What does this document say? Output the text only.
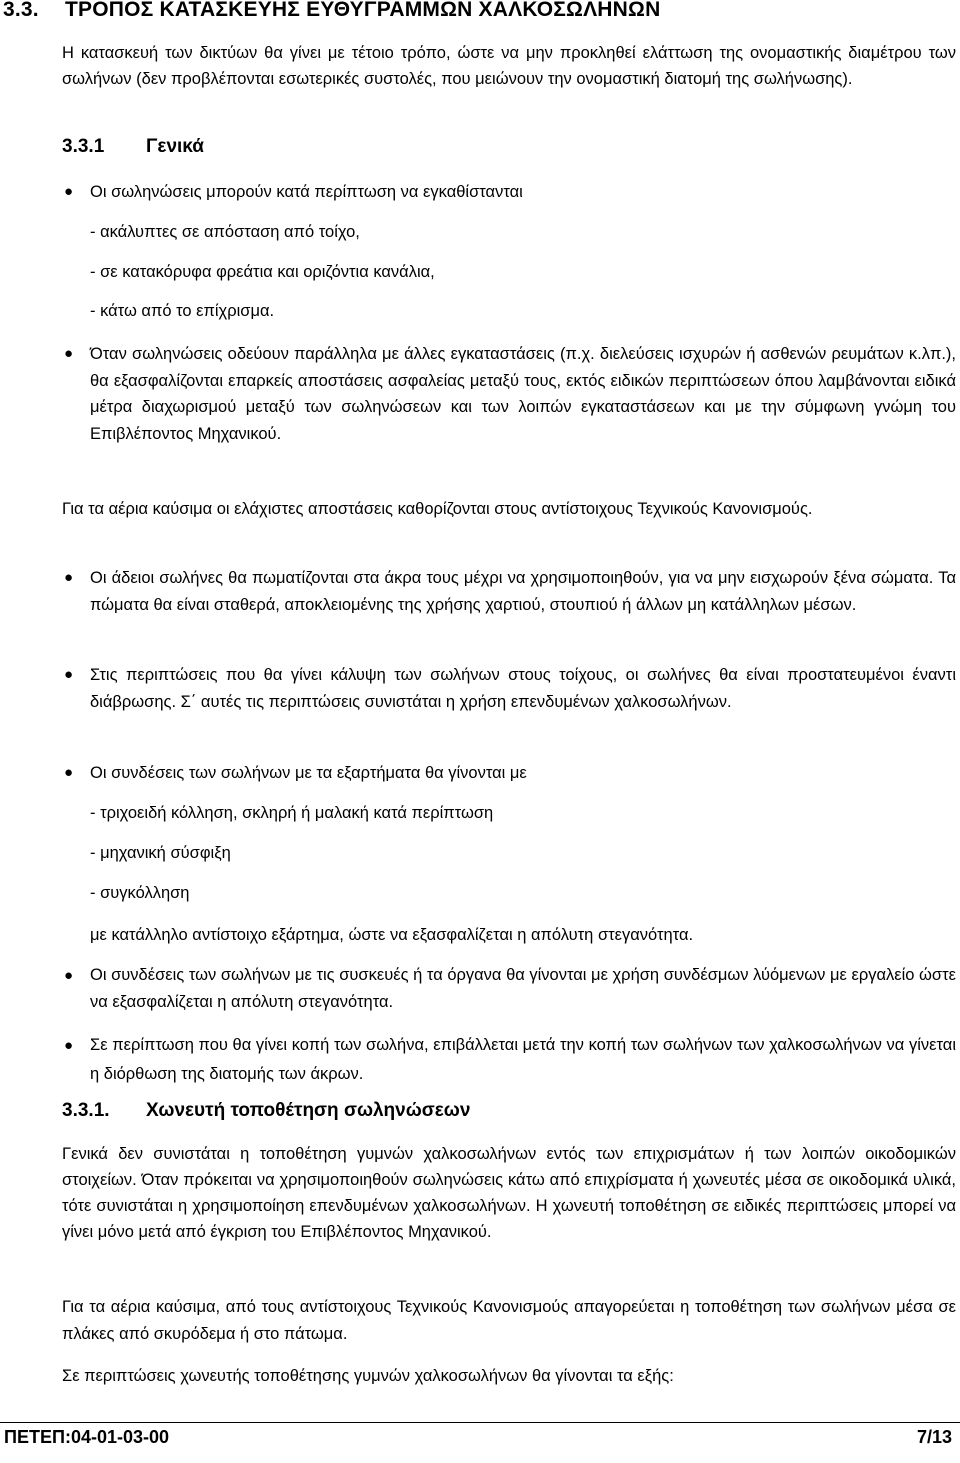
3.3. ΤΡΟΠΟΣ ΚΑΤΑΣΚΕΥΗΣ ΕΥΘΥΓΡΑΜΜΩΝ ΧΑΛΚΟΣΩΛΗΝΩΝ
Η κατασκευή των δικτύων θα γίνει με τέτοιο τρόπο, ώστε να μην προκληθεί ελάττωση της ονομαστικής διαμέτρου των σωλήνων (δεν προβλέπονται εσωτερικές συστολές, που μειώνουν την ονομαστική διατομή της σωλήνωσης).
3.3.1 Γενικά
● Οι σωληνώσεις μπορούν κατά περίπτωση να εγκαθίστανται
- ακάλυπτες σε απόσταση από τοίχο,
- σε κατακόρυφα φρεάτια και οριζόντια κανάλια,
- κάτω από το επίχρισμα.
● Όταν σωληνώσεις οδεύουν παράλληλα με άλλες εγκαταστάσεις (π.χ. διελεύσεις ισχυρών ή ασθενών ρευμάτων κ.λπ.), θα εξασφαλίζονται επαρκείς αποστάσεις ασφαλείας μεταξύ τους, εκτός ειδικών περιπτώσεων όπου λαμβάνονται ειδικά μέτρα διαχωρισμού μεταξύ των σωληνώσεων και των λοιπών εγκαταστάσεων και με την σύμφωνη γνώμη του Επιβλέποντος Μηχανικού.
Για τα αέρια καύσιμα οι ελάχιστες αποστάσεις καθορίζονται στους αντίστοιχους Τεχνικούς Κανονισμούς.
● Οι άδειοι σωλήνες θα πωματίζονται στα άκρα τους μέχρι να χρησιμοποιηθούν, για να μην εισχωρούν ξένα σώματα. Τα πώματα θα είναι σταθερά, αποκλειομένης της χρήσης χαρτιού, στουπιού ή άλλων μη κατάλληλων μέσων.
● Στις περιπτώσεις που θα γίνει κάλυψη των σωλήνων στους τοίχους, οι σωλήνες θα είναι προστατευμένοι έναντι διάβρωσης. Σ΄ αυτές τις περιπτώσεις συνιστάται η χρήση επενδυμένων χαλκοσωλήνων.
● Οι συνδέσεις των σωλήνων με τα εξαρτήματα θα γίνονται με
- τριχοειδή κόλληση, σκληρή ή μαλακή κατά περίπτωση
- μηχανική σύσφιξη
- συγκόλληση
με κατάλληλο αντίστοιχο εξάρτημα, ώστε να εξασφαλίζεται η απόλυτη στεγανότητα.
● Οι συνδέσεις των σωλήνων με τις συσκευές ή τα όργανα θα γίνονται με χρήση συνδέσμων λύόμενων με εργαλείο ώστε να εξασφαλίζεται η απόλυτη στεγανότητα.
● Σε περίπτωση που θα γίνει κοπή των σωλήνα, επιβάλλεται μετά την κοπή των σωλήνων των χαλκοσωλήνων να γίνεται η διόρθωση της διατομής των άκρων.
3.3.1. Χωνευτή τοποθέτηση σωληνώσεων
Γενικά δεν συνιστάται η τοποθέτηση γυμνών χαλκοσωλήνων εντός των επιχρισμάτων ή των λοιπών οικοδομικών στοιχείων. Όταν πρόκειται να χρησιμοποιηθούν σωληνώσεις κάτω από επιχρίσματα ή χωνευτές μέσα σε οικοδομικά υλικά, τότε συνιστάται η χρησιμοποίηση επενδυμένων χαλκοσωλήνων. Η χωνευτή τοποθέτηση σε ειδικές περιπτώσεις μπορεί να γίνει μόνο μετά από έγκριση του Επιβλέποντος Μηχανικού.
Για τα αέρια καύσιμα, από τους αντίστοιχους Τεχνικούς Κανονισμούς απαγορεύεται η τοποθέτηση των σωλήνων μέσα σε πλάκες από σκυρόδεμα ή στο πάτωμα.
Σε περιπτώσεις χωνευτής τοποθέτησης γυμνών χαλκοσωλήνων θα γίνονται τα εξής:
ΠΕΤΕΠ:04-01-03-00	7/13
